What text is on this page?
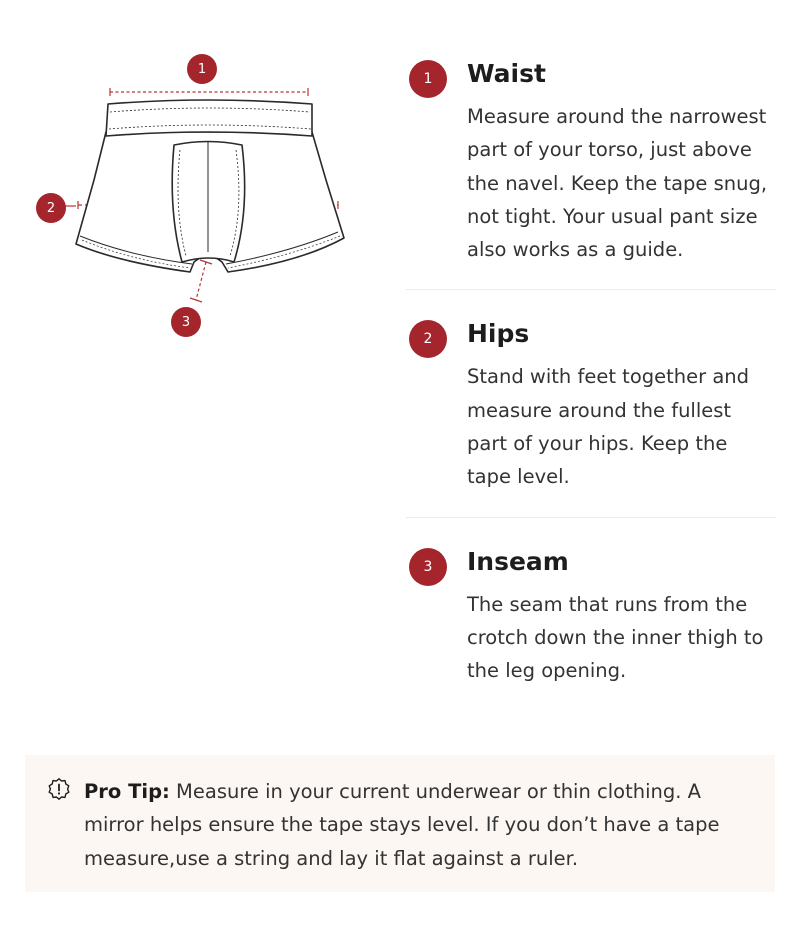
1
2
3
1	Waist

Measure around the narrowest part of your torso, just above the navel. Keep the tape snug, not tight. Your usual pant size also works as a guide.

2	Hips

Stand with feet together and measure around the fullest part of your hips. Keep the tape level.

3	Inseam

The seam that runs from the crotch down the inner thigh to the leg opening.

Pro Tip: Measure in your current underwear or thin clothing. A mirror helps ensure the tape stays level. If you don’t have a tape measure,use a string and lay it flat against a ruler.
